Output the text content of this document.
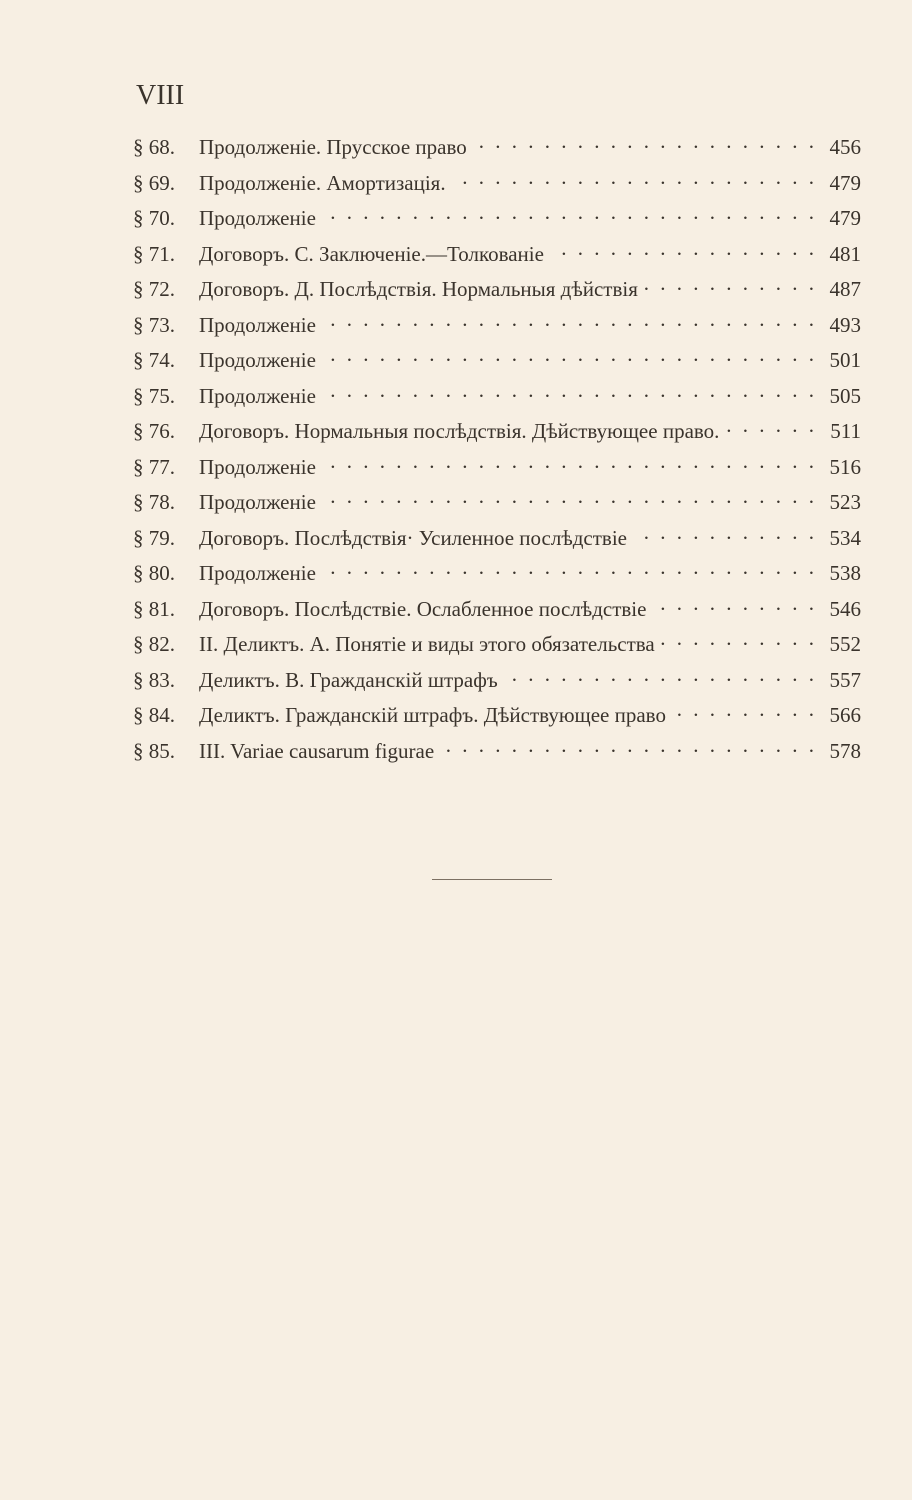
VIII
§ 68.	Продолженіе. Прусское право . . .	456
§ 69.	Продолженіе. Амортизація. . . .	479
§ 70.	Продолженіе . . .	479
§ 71.	Договоръ. С. Заключеніе.—Толкованіе . . .	481
§ 72.	Договоръ. Д. Послѣдствія. Нормальныя дѣйствія . . .	487
§ 73.	Продолженіе . . .	493
§ 74.	Продолженіе . . .	501
§ 75.	Продолженіе . . .	505
§ 76.	Договоръ. Нормальныя послѣдствія. Дѣйствующее право. . . .	511
§ 77.	Продолженіе . . .	516
§ 78.	Продолженіе . . .	523
§ 79.	Договоръ. Послѣдствія· Усиленное послѣдствіе . . .	534
§ 80.	Продолженіе . . .	538
§ 81.	Договоръ. Послѣдствіе. Ослабленное послѣдствіе . . .	546
§ 82.	II. Деликтъ. А. Понятіе и виды этого обязательства . . .	552
§ 83.	Деликтъ. В. Гражданскій штрафъ . . .	557
§ 84.	Деликтъ. Гражданскій штрафъ. Дѣйствующее право . . .	566
§ 85.	III. Variae causarum figurae . . .	578
